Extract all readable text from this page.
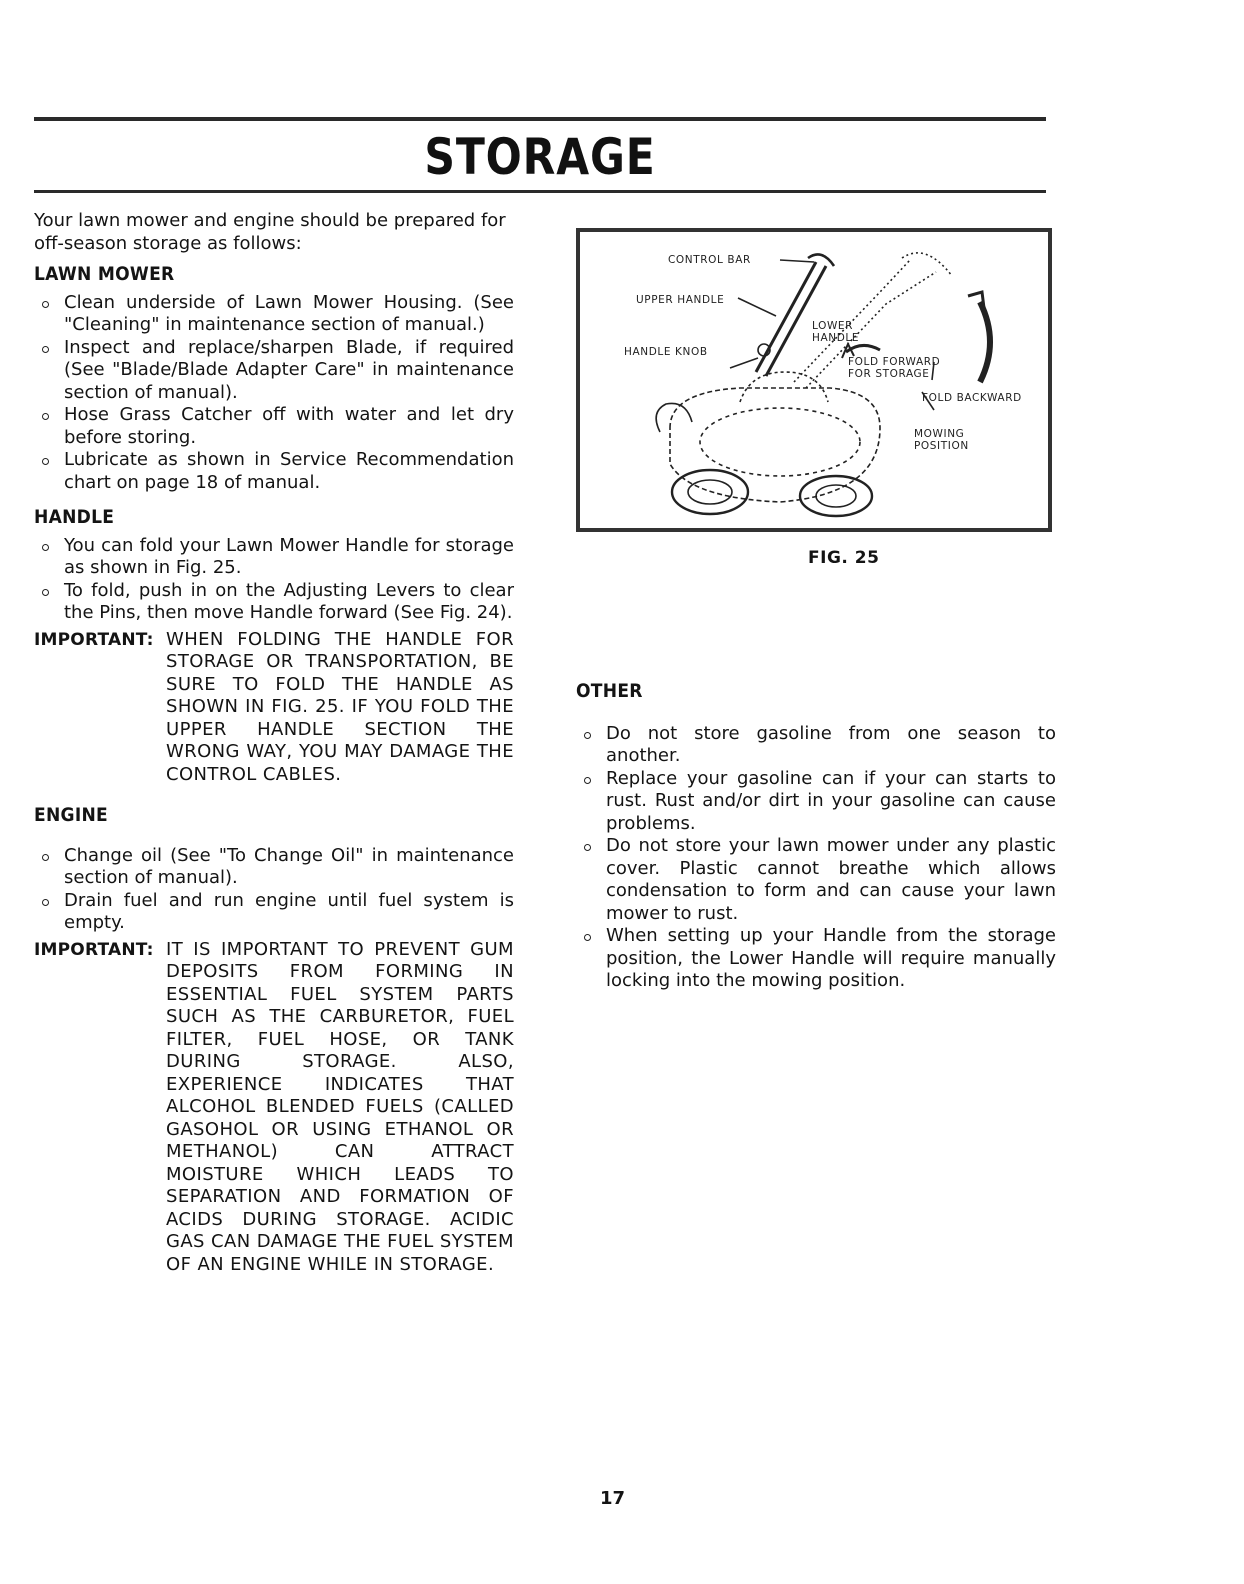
STORAGE

Your lawn mower and engine should be prepared for off-season storage as follows:

LAWN MOWER
Clean underside of Lawn Mower Housing. (See "Cleaning" in maintenance section of manual.)
Inspect and replace/sharpen Blade, if required (See "Blade/Blade Adapter Care" in maintenance section of manual).
Hose Grass Catcher off with water and let dry before storing.
Lubricate as shown in Service Recommendation chart on page 18 of manual.
HANDLE
You can fold your Lawn Mower Handle for storage as shown in Fig. 25.
To fold, push in on the Adjusting Levers to clear the Pins, then move Handle forward (See Fig. 24).
IMPORTANT: WHEN FOLDING THE HANDLE FOR STORAGE OR TRANSPORTATION, BE SURE TO FOLD THE HANDLE AS SHOWN IN FIG. 25. IF YOU FOLD THE UPPER HANDLE SECTION THE WRONG WAY, YOU MAY DAMAGE THE CONTROL CABLES.
ENGINE
Change oil (See "To Change Oil" in maintenance section of manual).
Drain fuel and run engine until fuel system is empty.
IMPORTANT: IT IS IMPORTANT TO PREVENT GUM DEPOSITS FROM FORMING IN ESSENTIAL FUEL SYSTEM PARTS SUCH AS THE CARBURETOR, FUEL FILTER, FUEL HOSE, OR TANK DURING STORAGE. ALSO, EXPERIENCE INDICATES THAT ALCOHOL BLENDED FUELS (CALLED GASOHOL OR USING ETHANOL OR METHANOL) CAN ATTRACT MOISTURE WHICH LEADS TO SEPARATION AND FORMATION OF ACIDS DURING STORAGE. ACIDIC GAS CAN DAMAGE THE FUEL SYSTEM OF AN ENGINE WHILE IN STORAGE.
CONTROL BAR
UPPER HANDLE
HANDLE KNOB
LOWER
HANDLE
FOLD FORWARD
FOR STORAGE
FOLD BACKWARD
MOWING
POSITION
FIG. 25
OTHER
Do not store gasoline from one season to another.
Replace your gasoline can if your can starts to rust. Rust and/or dirt in your gasoline can cause problems.
Do not store your lawn mower under any plastic cover. Plastic cannot breathe which allows condensation to form and can cause your lawn mower to rust.
When setting up your Handle from the storage position, the Lower Handle will require manually locking into the mowing position.
17
